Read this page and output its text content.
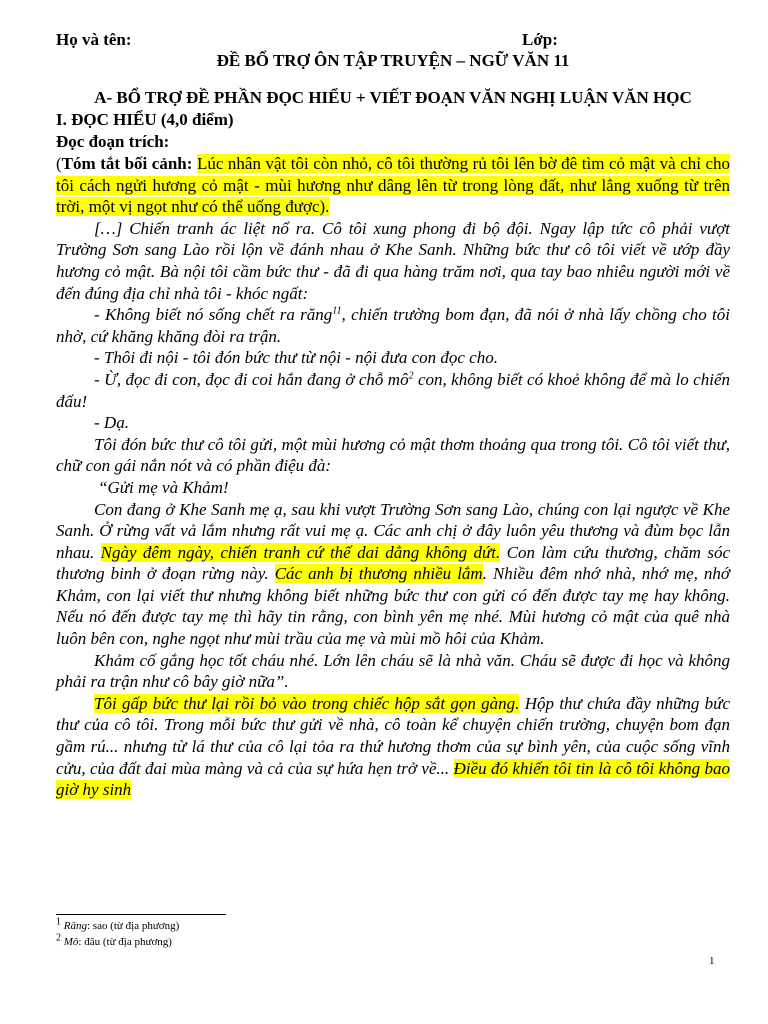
Họ và tên:	Lớp:
ĐỀ BỔ TRỢ ÔN TẬP TRUYỆN – NGỮ VĂN 11
A- BỔ TRỢ ĐỀ PHẦN ĐỌC HIỂU + VIẾT ĐOẠN VĂN NGHỊ LUẬN VĂN HỌC
I. ĐỌC HIỂU (4,0 điểm)
Đọc đoạn trích:

(Tóm tắt bối cảnh: Lúc nhân vật tôi còn nhỏ, cô tôi thường rủ tôi lên bờ đê tìm cỏ mật và chỉ cho tôi cách ngửi hương cỏ mật - mùi hương như dâng lên từ trong lòng đất, như lẳng xuống từ trên trời, một vị ngọt như có thể uống được).

[…] Chiến tranh ác liệt nổ ra. Cô tôi xung phong đi bộ đội. Ngay lập tức cô phải vượt Trường Sơn sang Lào rồi lộn về đánh nhau ở Khe Sanh. Những bức thư cô tôi viết về ướp đầy hương cỏ mật. Bà nội tôi cầm bức thư - đã đi qua hàng trăm nơi, qua tay bao nhiêu người mới về đến đúng địa chỉ nhà tôi - khóc ngất:

- Không biết nó sống chết ra răng$^{11}$, chiến trường bom đạn, đã nói ở nhà lấy chồng cho tôi nhờ, cứ khăng khăng đòi ra trận.

- Thôi đi nội - tôi đón bức thư từ nội - nội đưa con đọc cho.

- Ừ, đọc đi con, đọc đi coi hắn đang ở chỗ $mô^2$ con, không biết có khoẻ không để mà lo chiến đấu!

- Dạ.

Tôi đón bức thư cô tôi gửi, một mùi hương cỏ mật thơm thoảng qua trong tôi. Cô tôi viết thư, chữ con gái nắn nót và có phần điệu đà:

“Gửi mẹ và Khảm!

Con đang ở Khe Sanh mẹ ạ, sau khi vượt Trường Sơn sang Lào, chúng con lại ngược về Khe Sanh. Ở rừng vất vả lắm nhưng rất vui mẹ ạ. Các anh chị ở đây luôn yêu thương và đùm bọc lẫn nhau. Ngày đêm ngày, chiến tranh cứ thế dai dẳng không dứt. Con làm cứu thương, chăm sóc thương binh ở đoạn rừng này. Các anh bị thương nhiều lắm. Nhiều đêm nhớ nhà, nhớ mẹ, nhớ Khảm, con lại viết thư nhưng không biết những bức thư con gửi có đến được tay mẹ hay không. Nếu nó đến được tay mẹ thì hãy tin rằng, con bình yên mẹ nhé. Mùi hương cỏ mật của quê nhà luôn bên con, nghe ngọt như mùi trầu của mẹ và mùi mồ hôi của Khảm.

Khảm cố gắng học tốt cháu nhé. Lớn lên cháu sẽ là nhà văn. Cháu sẽ được đi học và không phải ra trận như cô bây giờ nữa”.

Tôi gấp bức thư lại rồi bỏ vào trong chiếc hộp sắt gọn gàng. Hộp thư chứa đầy những bức thư của cô tôi. Trong mỗi bức thư gửi về nhà, cô toàn kể chuyện chiến trường, chuyện bom đạn gầm rú... nhưng từ lá thư của cô lại tỏa ra thứ hương thơm của sự bình yên, của cuộc sống vĩnh cửu, của đất đai mùa màng và cả của sự hứa hẹn trở về... Điều đó khiến tôi tin là cô tôi không bao giờ hy sinh

$^1$ Răng: sao (từ địa phương)
$^2$ Mô: đâu (từ địa phương)
1
